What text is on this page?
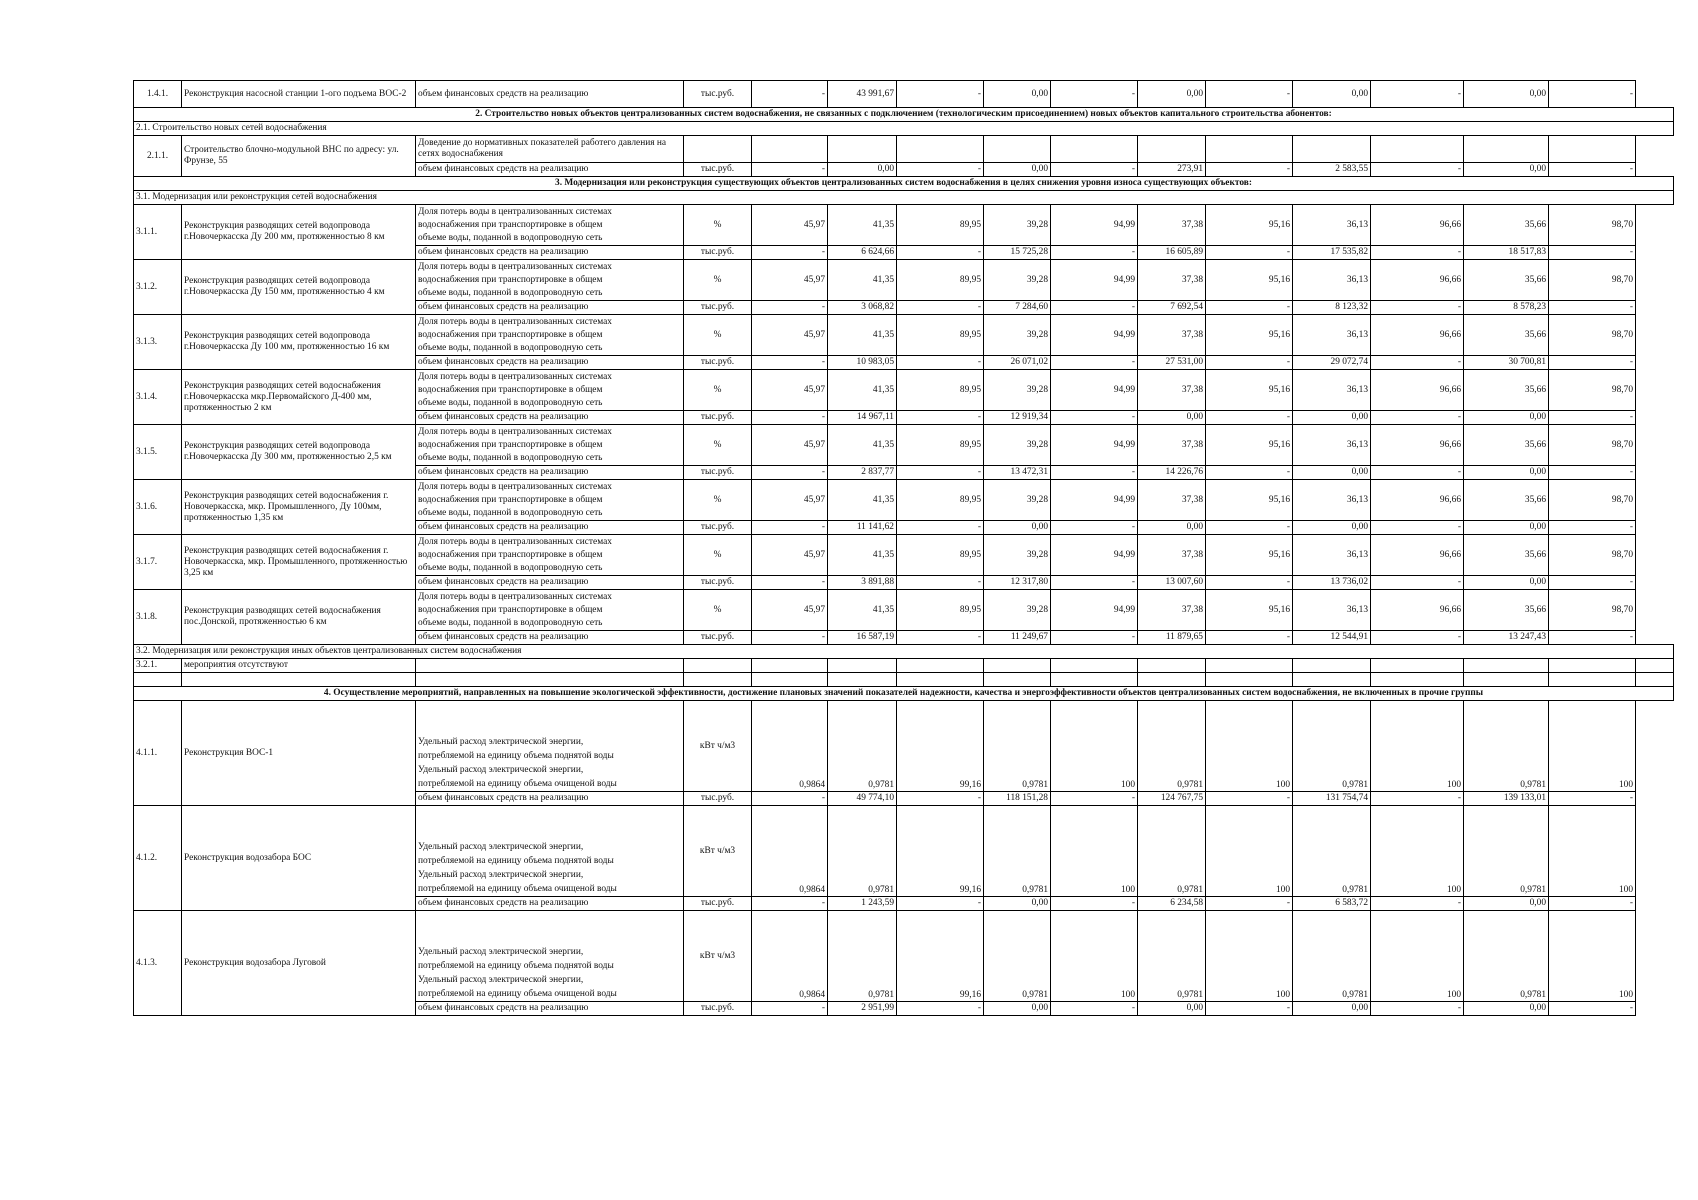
1.4.1.	Реконструкция насосной станции 1-ого подъема ВОС-2	объем финансовых средств на реализацию	тыс.руб.	-	43 991,67	-	0,00	-	0,00	-	0,00	-	0,00	-	
2. Строительство новых объектов централизованных систем водоснабжения, не связанных с подключением (технологическим присоединением) новых объектов капитального строительства абонентов:															
2.1. Строительство новых сетей водоснабжения															
2.1.1.	Строительство блочно-модульной ВНС по адресу: ул. Фрунзе, 55	Доведение до нормативных показателей работего давления на сетях водоснабжения													
		объем финансовых средств на реализацию	тыс.руб.	-	0,00	-	0,00	-	273,91	-	2 583,55	-	0,00	-	
3. Модернизация или реконструкция существующих объектов централизованных систем водоснабжения в целях снижения уровня износа существующих объектов:															
3.1. Модернизация или реконструкция сетей водоснабжения															
3.1.1.	Реконструкция разводящих сетей водопровода г.Новочеркасска Ду 200 мм, протяженностью 8 км	Доля потерь воды в централизованных системах
водоснабжения при транспортировке в общем
объеме воды, поданной в водопроводную сеть	%	45,97	41,35	89,95	39,28	94,99	37,38	95,16	36,13	96,66	35,66	98,70	
		объем финансовых средств на реализацию	тыс.руб.	-	6 624,66	-	15 725,28	-	16 605,89	-	17 535,82	-	18 517,83	-	
3.1.2.	Реконструкция разводящих сетей водопровода г.Новочеркасска Ду 150 мм, протяженностью 4 км	Доля потерь воды в централизованных системах
водоснабжения при транспортировке в общем
объеме воды, поданной в водопроводную сеть	%	45,97	41,35	89,95	39,28	94,99	37,38	95,16	36,13	96,66	35,66	98,70	
		объем финансовых средств на реализацию	тыс.руб.	-	3 068,82	-	7 284,60	-	7 692,54	-	8 123,32	-	8 578,23	-	
3.1.3.	Реконструкция разводящих сетей водопровода г.Новочеркасска Ду 100 мм, протяженностью 16 км	Доля потерь воды в централизованных системах
водоснабжения при транспортировке в общем
объеме воды, поданной в водопроводную сеть	%	45,97	41,35	89,95	39,28	94,99	37,38	95,16	36,13	96,66	35,66	98,70	
		объем финансовых средств на реализацию	тыс.руб.	-	10 983,05	-	26 071,02	-	27 531,00	-	29 072,74	-	30 700,81	-	
3.1.4.	Реконструкция разводящих сетей водоснабжения г.Новочеркасска мкр.Первомайского Д-400 мм, протяженностью 2 км	Доля потерь воды в централизованных системах
водоснабжения при транспортировке в общем
объеме воды, поданной в водопроводную сеть	%	45,97	41,35	89,95	39,28	94,99	37,38	95,16	36,13	96,66	35,66	98,70	
		объем финансовых средств на реализацию	тыс.руб.	-	14 967,11	-	12 919,34	-	0,00	-	0,00	-	0,00	-	
3.1.5.	Реконструкция разводящих сетей водопровода г.Новочеркасска Ду 300 мм, протяженностью 2,5 км	Доля потерь воды в централизованных системах
водоснабжения при транспортировке в общем
объеме воды, поданной в водопроводную сеть	%	45,97	41,35	89,95	39,28	94,99	37,38	95,16	36,13	96,66	35,66	98,70	
		объем финансовых средств на реализацию	тыс.руб.	-	2 837,77	-	13 472,31	-	14 226,76	-	0,00	-	0,00	-	
3.1.6.	Реконструкция разводящих сетей водоснабжения г. Новочеркасска, мкр. Промышленного, Ду 100мм, протяженностью 1,35 км	Доля потерь воды в централизованных системах
водоснабжения при транспортировке в общем
объеме воды, поданной в водопроводную сеть	%	45,97	41,35	89,95	39,28	94,99	37,38	95,16	36,13	96,66	35,66	98,70	
		объем финансовых средств на реализацию	тыс.руб.	-	11 141,62	-	0,00	-	0,00	-	0,00	-	0,00	-	
3.1.7.	Реконструкция разводящих сетей водоснабжения г. Новочеркасска, мкр. Промышленного, протяженностью 3,25 км	Доля потерь воды в централизованных системах
водоснабжения при транспортировке в общем
объеме воды, поданной в водопроводную сеть	%	45,97	41,35	89,95	39,28	94,99	37,38	95,16	36,13	96,66	35,66	98,70	
		объем финансовых средств на реализацию	тыс.руб.	-	3 891,88	-	12 317,80	-	13 007,60	-	13 736,02	-	0,00	-	
3.1.8.	Реконструкция разводящих сетей водоснабжения пос.Донской, протяженностью 6 км	Доля потерь воды в централизованных системах
водоснабжения при транспортировке в общем
объеме воды, поданной в водопроводную сеть	%	45,97	41,35	89,95	39,28	94,99	37,38	95,16	36,13	96,66	35,66	98,70	
		объем финансовых средств на реализацию	тыс.руб.	-	16 587,19	-	11 249,67	-	11 879,65	-	12 544,91	-	13 247,43	-	
3.2. Модернизация или реконструкция иных объектов централизованных систем водоснабжения															
3.2.1.	мероприятия отсутствуют														

4. Осуществление мероприятий, направленных на повышение экологической эффективности, достижение плановых значений показателей надежности, качества и энергоэффективности объектов централизованных систем водоснабжения, не включенных в прочие группы															
4.1.1.	Реконструкция ВОС-1	Удельный расход электрической энергии,
потребляемой на единицу объема поднятой воды
Удельный расход электрической энергии,
потребляемой на единицу объема очищеной воды	кВт ч/м3	0,9864	0,9781	99,16	0,9781	100	0,9781	100	0,9781	100	0,9781	100	
		объем финансовых средств на реализацию	тыс.руб.	-	49 774,10	-	118 151,28	-	124 767,75	-	131 754,74	-	139 133,01	-	
4.1.2.	Реконструкция водозабора БОС	Удельный расход электрической энергии,
потребляемой на единицу объема поднятой воды
Удельный расход электрической энергии,
потребляемой на единицу объема очищеной воды	кВт ч/м3	0,9864	0,9781	99,16	0,9781	100	0,9781	100	0,9781	100	0,9781	100	
		объем финансовых средств на реализацию	тыс.руб.	-	1 243,59	-	0,00	-	6 234,58	-	6 583,72	-	0,00	-	
4.1.3.	Реконструкция водозабора Луговой	Удельный расход электрической энергии,
потребляемой на единицу объема поднятой воды
Удельный расход электрической энергии,
потребляемой на единицу объема очищеной воды	кВт ч/м3	0,9864	0,9781	99,16	0,9781	100	0,9781	100	0,9781	100	0,9781	100	
		объем финансовых средств на реализацию	тыс.руб.	-	2 951,99	-	0,00	-	0,00	-	0,00	-	0,00	-	
